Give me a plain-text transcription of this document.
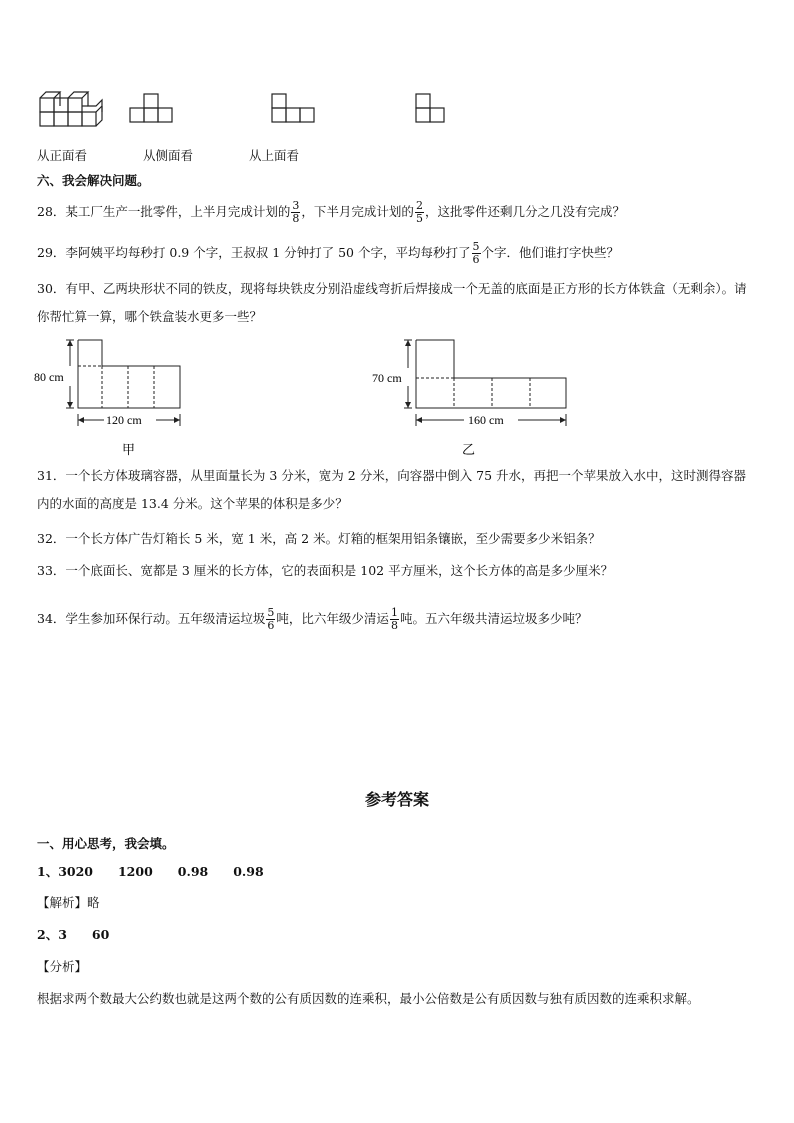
从正面看	从侧面看	从上面看
六、我会解决问题。
28．某工厂生产一批零件，上半月完成计划的 $\frac{3}{8}$ ，下半月完成计划的 $\frac{2}{5}$ ，这批零件还剩几分之几没有完成？
29．李阿姨平均每秒打 0.9 个字，王叔叔 1 分钟打了 50 个字，平均每秒打了 $\frac{5}{6}$ 个字．他们谁打字快些？
30．有甲、乙两块形状不同的铁皮，现将每块铁皮分别沿虚线弯折后焊接成一个无盖的底面是正方形的长方体铁盒（无剩余）。请你帮忙算一算，哪个铁盒装水更多一些？
80 cm
120 cm
甲
70 cm
160 cm
乙
31．一个长方体玻璃容器，从里面量长为 3 分米，宽为 2 分米，向容器中倒入 75 升水，再把一个苹果放入水中，这时测得容器内的水面的高度是 13.4 分米。这个苹果的体积是多少？
32．一个长方体广告灯箱长 5 米，宽 1 米，高 2 米。灯箱的框架用铝条镶嵌，至少需要多少米铝条？
33．一个底面长、宽都是 3 厘米的长方体，它的表面积是 102 平方厘米，这个长方体的高是多少厘米？
34．学生参加环保行动。五年级清运垃圾 $\frac{5}{6}$ 吨，比六年级少清运 $\frac{1}{8}$ 吨。五六年级共清运垃圾多少吨？
参考答案
一、用心思考，我会填。
1、3020　　1200　　0.98　　0.98
【解析】略
2、3　　60
【分析】
根据求两个数最大公约数也就是这两个数的公有质因数的连乘积，最小公倍数是公有质因数与独有质因数的连乘积求解。
